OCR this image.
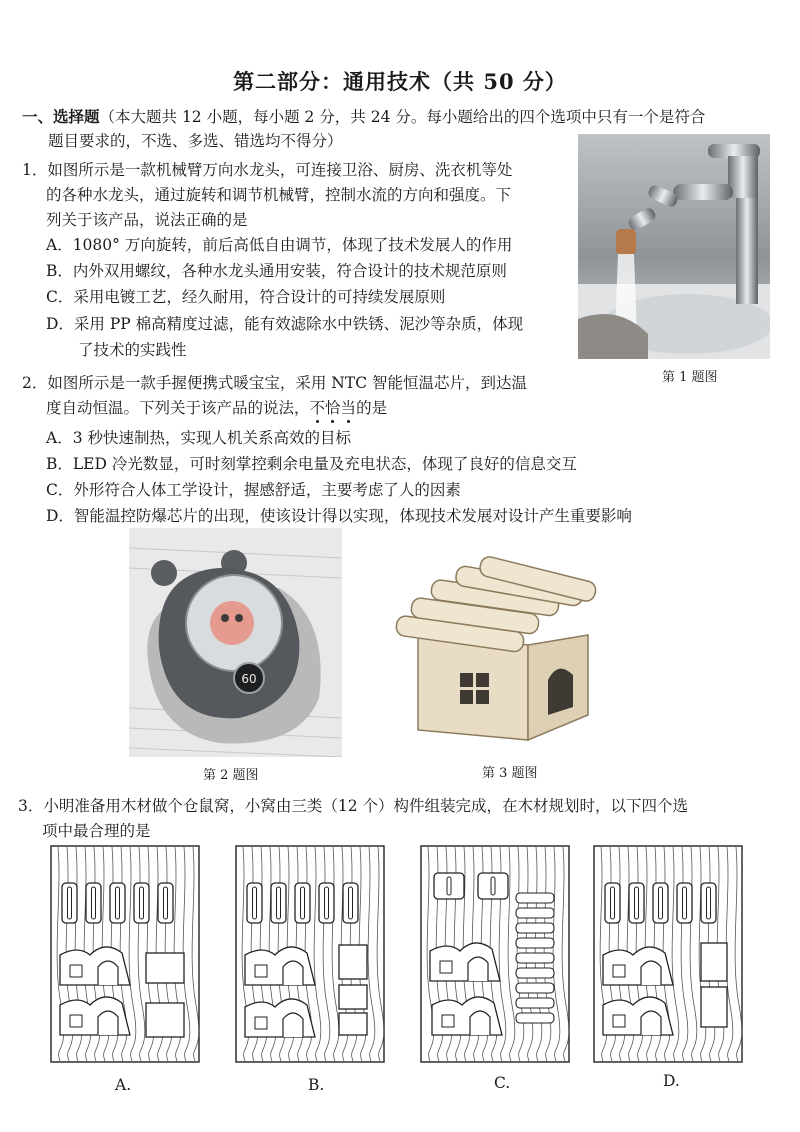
第二部分：通用技术（共 50 分）
一、选择题（本大题共 12 小题，每小题 2 分，共 24 分。每小题给出的四个选项中只有一个是符合
题目要求的，不选、多选、错选均不得分）
1．如图所示是一款机械臂万向水龙头，可连接卫浴、厨房、洗衣机等处
的各种水龙头，通过旋转和调节机械臂，控制水流的方向和强度。下
列关于该产品，说法正确的是
A．1080° 万向旋转，前后高低自由调节，体现了技术发展人的作用
B．内外双用螺纹，各种水龙头通用安装，符合设计的技术规范原则
C．采用电镀工艺，经久耐用，符合设计的可持续发展原则
D．采用 PP 棉高精度过滤，能有效滤除水中铁锈、泥沙等杂质，体现
了技术的实践性
第 1 题图
2．如图所示是一款手握便携式暖宝宝，采用 NTC 智能恒温芯片，到达温
度自动恒温。下列关于该产品的说法，不恰当的是
A．3 秒快速制热，实现人机关系高效的目标
B．LED 冷光数显，可时刻掌控剩余电量及充电状态，体现了良好的信息交互
C．外形符合人体工学设计，握感舒适，主要考虑了人的因素
D．智能温控防爆芯片的出现，使该设计得以实现，体现技术发展对设计产生重要影响
60
第 2 题图	第 3 题图
3．小明准备用木材做个仓鼠窝，小窝由三类（12 个）构件组装完成，在木材规划时，以下四个选
项中最合理的是
A.	B.	C.	D.
